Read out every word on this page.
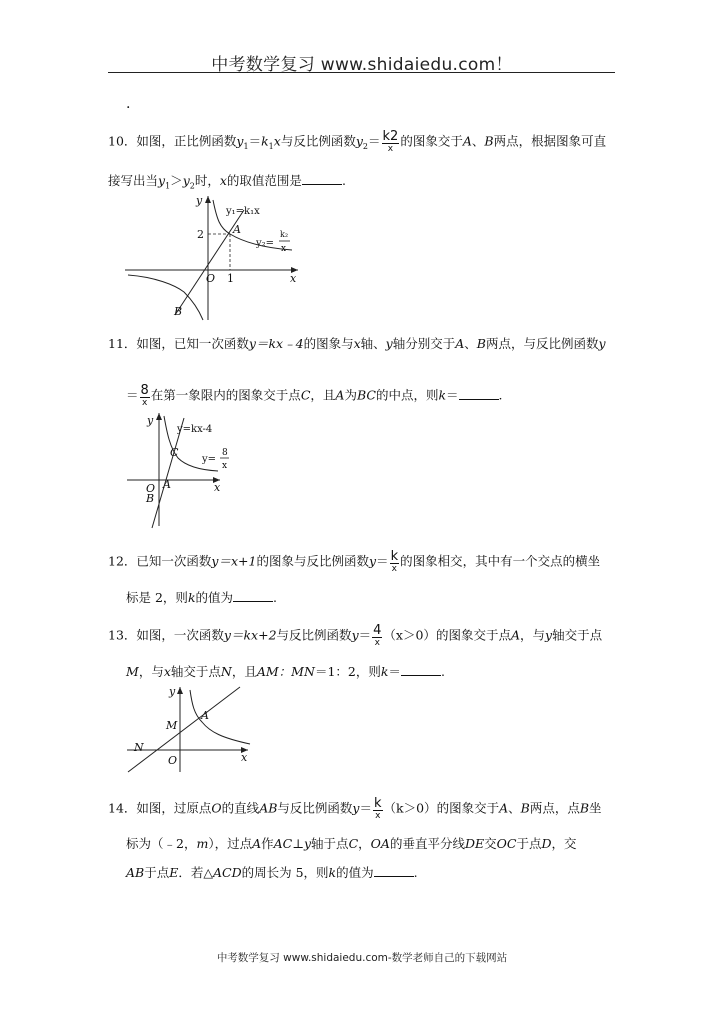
中考数学复习 www.shidaiedu.com！
.
10．如图，正比例函数$y_1=k_1x$与反比例函数$y_2= \frac{k2}{x}$ 的图象交于A、B两点，根据图象可直
接写出当$y_1>y_2$时，x的取值范围是	.
y
x
O
2
1
A
B
y₁=k₁x
y₂=
k₂
x
11．如图，已知一次函数y＝kx﹣4的图象与x轴、y轴分别交于A、B两点，与反比例函数y
＝ $\frac{8}{x}$ 在第一象限内的图象交于点C，且A为BC的中点，则k＝	.
y
x
O A
B
C
y=kx-4
y=
8
x
12．已知一次函数y＝x+1的图象与反比例函数$y= \frac{k}{x}$ 的图象相交，其中有一个交点的横坐
标是 2，则k的值为	.
13．如图，一次函数y＝kx+2与反比例函数$y= \frac{4}{x} (x>0)$的图象交于点A，与y轴交于点
M，与x轴交于点N，且AM：MN＝1：2，则k＝	.
y
x
O
A
M
N
14．如图，过原点O的直线AB与反比例函数$y= \frac{k}{x} (k>0)$的图象交于A、B两点，点B坐
标为（﹣2，m），过点A作AC⊥y轴于点C，OA的垂直平分线DE交OC于点D，交
AB于点E．若△ACD的周长为 5，则k的值为	.
中考数学复习 www.shidaiedu.com-数学老师自己的下载网站
